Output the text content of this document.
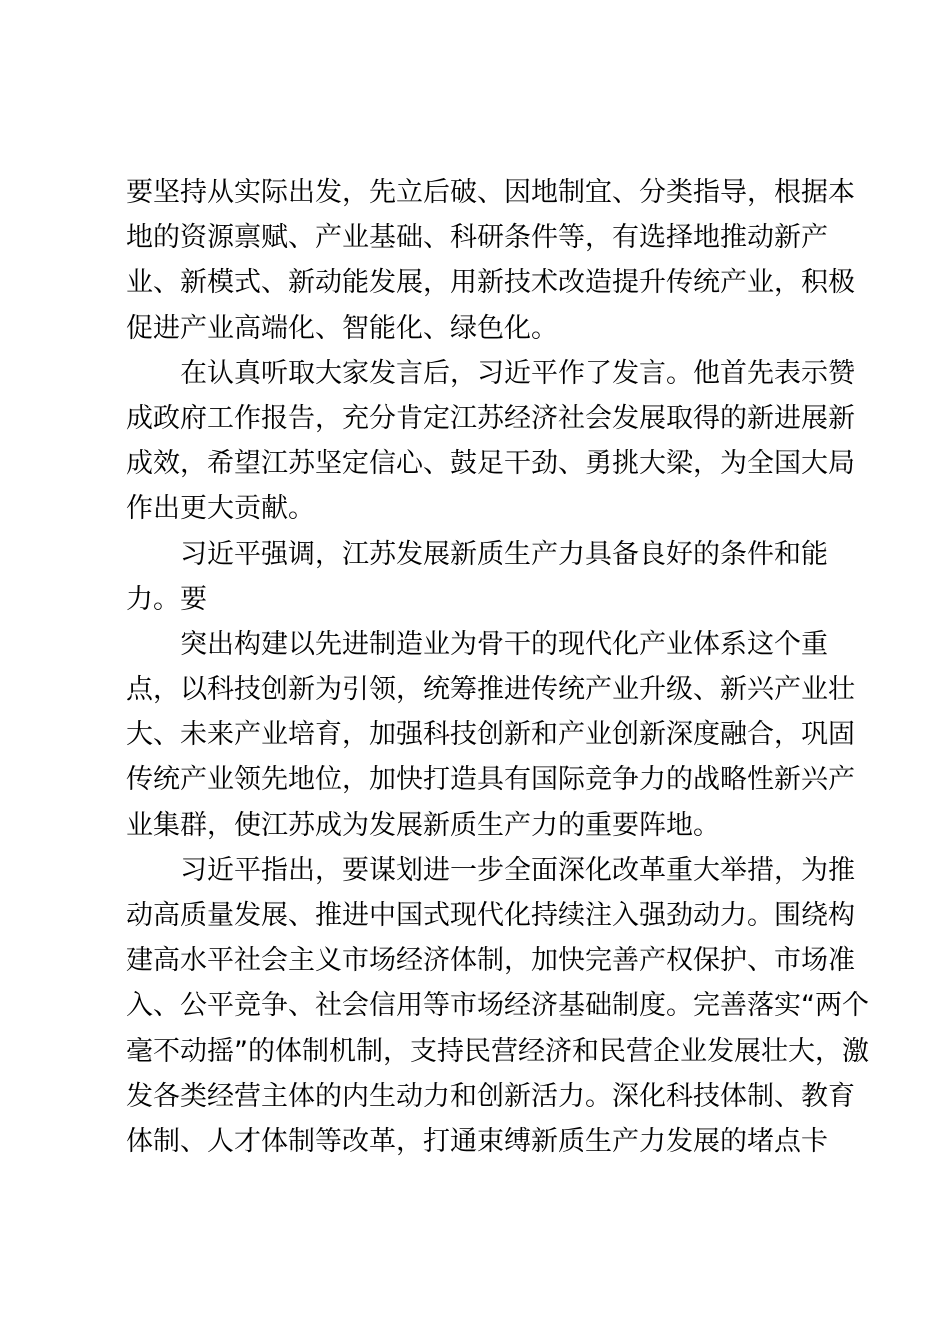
要坚持从实际出发，先立后破、因地制宜、分类指导，根据本
地的资源禀赋、产业基础、科研条件等，有选择地推动新产
业、新模式、新动能发展，用新技术改造提升传统产业，积极
促进产业高端化、智能化、绿色化。
在认真听取大家发言后，习近平作了发言。他首先表示赞
成政府工作报告，充分肯定江苏经济社会发展取得的新进展新
成效，希望江苏坚定信心、鼓足干劲、勇挑大梁，为全国大局
作出更大贡献。
习近平强调，江苏发展新质生产力具备良好的条件和能
力。要
突出构建以先进制造业为骨干的现代化产业体系这个重
点，以科技创新为引领，统筹推进传统产业升级、新兴产业壮
大、未来产业培育，加强科技创新和产业创新深度融合，巩固
传统产业领先地位，加快打造具有国际竞争力的战略性新兴产
业集群，使江苏成为发展新质生产力的重要阵地。
习近平指出，要谋划进一步全面深化改革重大举措，为推
动高质量发展、推进中国式现代化持续注入强劲动力。围绕构
建高水平社会主义市场经济体制，加快完善产权保护、市场准
入、公平竞争、社会信用等市场经济基础制度。完善落实“两个
毫不动摇”的体制机制，支持民营经济和民营企业发展壮大，激
发各类经营主体的内生动力和创新活力。深化科技体制、教育
体制、人才体制等改革，打通束缚新质生产力发展的堵点卡
